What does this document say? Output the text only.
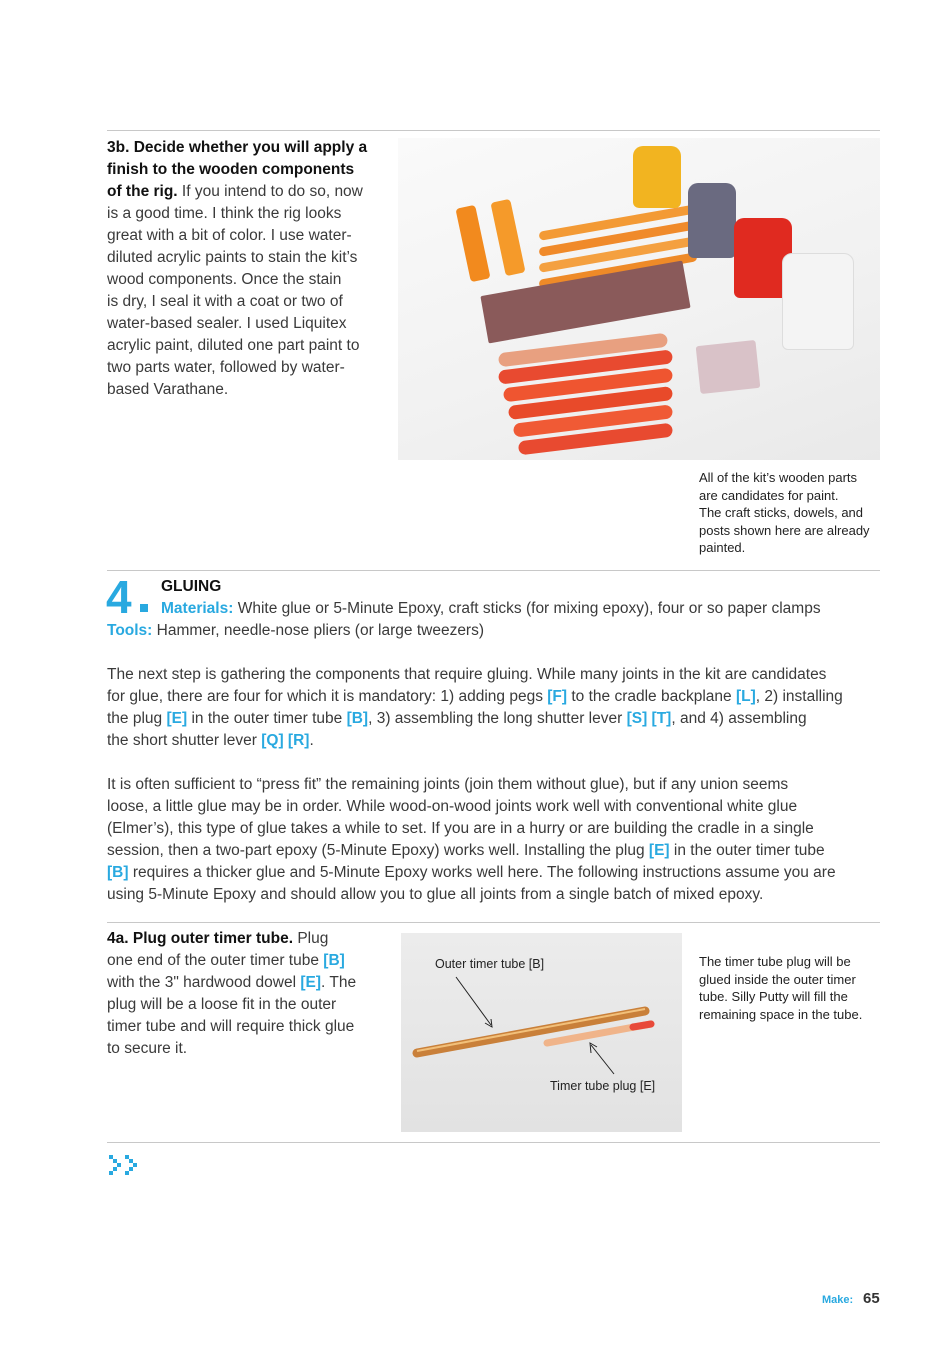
3b. Decide whether you will apply a
finish to the wooden components
of the rig. If you intend to do so, now
is a good time. I think the rig looks
great with a bit of color. I use water-
diluted acrylic paints to stain the kit’s
wood components. Once the stain
is dry, I seal it with a coat or two of
water-based sealer. I used Liquitex
acrylic paint, diluted one part paint to
two parts water, followed by water-
based Varathane.
All of the kit’s wooden parts
are candidates for paint.
The craft sticks, dowels, and
posts shown here are already
painted.
4 GLUING
Materials: White glue or 5-Minute Epoxy, craft sticks (for mixing epoxy), four or so paper clamps
Tools: Hammer, needle-nose pliers (or large tweezers)
The next step is gathering the components that require gluing. While many joints in the kit are candidates
for glue, there are four for which it is mandatory: 1) adding pegs [F] to the cradle backplane [L], 2) installing
the plug [E] in the outer timer tube [B], 3) assembling the long shutter lever [S] [T], and 4) assembling
the short shutter lever [Q] [R].
It is often sufficient to “press fit” the remaining joints (join them without glue), but if any union seems
loose, a little glue may be in order. While wood-on-wood joints work well with conventional white glue
(Elmer’s), this type of glue takes a while to set. If you are in a hurry or are building the cradle in a single
session, then a two-part epoxy (5-Minute Epoxy) works well. Installing the plug [E] in the outer timer tube
[B] requires a thicker glue and 5-Minute Epoxy works well here. The following instructions assume you are
using 5-Minute Epoxy and should allow you to glue all joints from a single batch of mixed epoxy.
4a. Plug outer timer tube. Plug
one end of the outer timer tube [B]
with the 3" hardwood dowel [E]. The
plug will be a loose fit in the outer
timer tube and will require thick glue
to secure it.
Outer timer tube [B]
Timer tube plug [E]
The timer tube plug will be
glued inside the outer timer
tube. Silly Putty will fill the
remaining space in the tube.
Make: 65
